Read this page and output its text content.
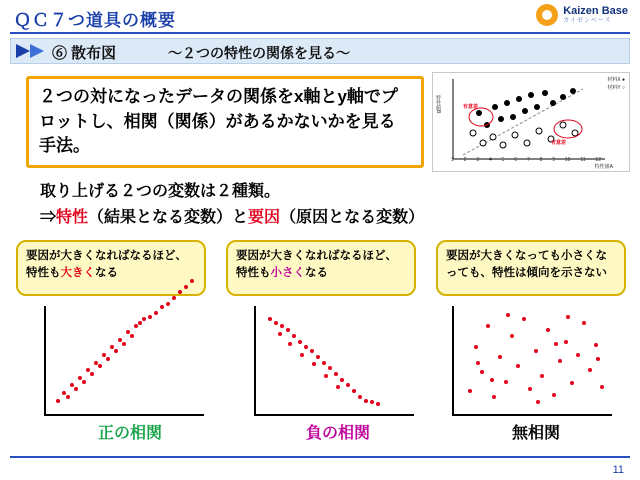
ＱＣ７つ道具の概要	Kaizen Base
カイゼンベース
⑥ 散布図	～２つの特性の関係を見る～
２つの対になったデータの関係をx軸とy軸でプロットし、相関（関係）があるかないかを見る手法。
特性値B
特性値A
材料X ●
材料Y ○
有意差
有意差
1 2 3 4 5 6 7 8 9 10 11 12
取り上げる２つの変数は２種類。
⇒特性（結果となる変数）と要因（原因となる変数）
要因が大きくなればなるほど、特性も大きくなる
要因が大きくなればなるほど、特性も小さくなる
要因が大きくなっても小さくなっても、特性は傾向を示さない
正の相関	負の相関	無相関
11
